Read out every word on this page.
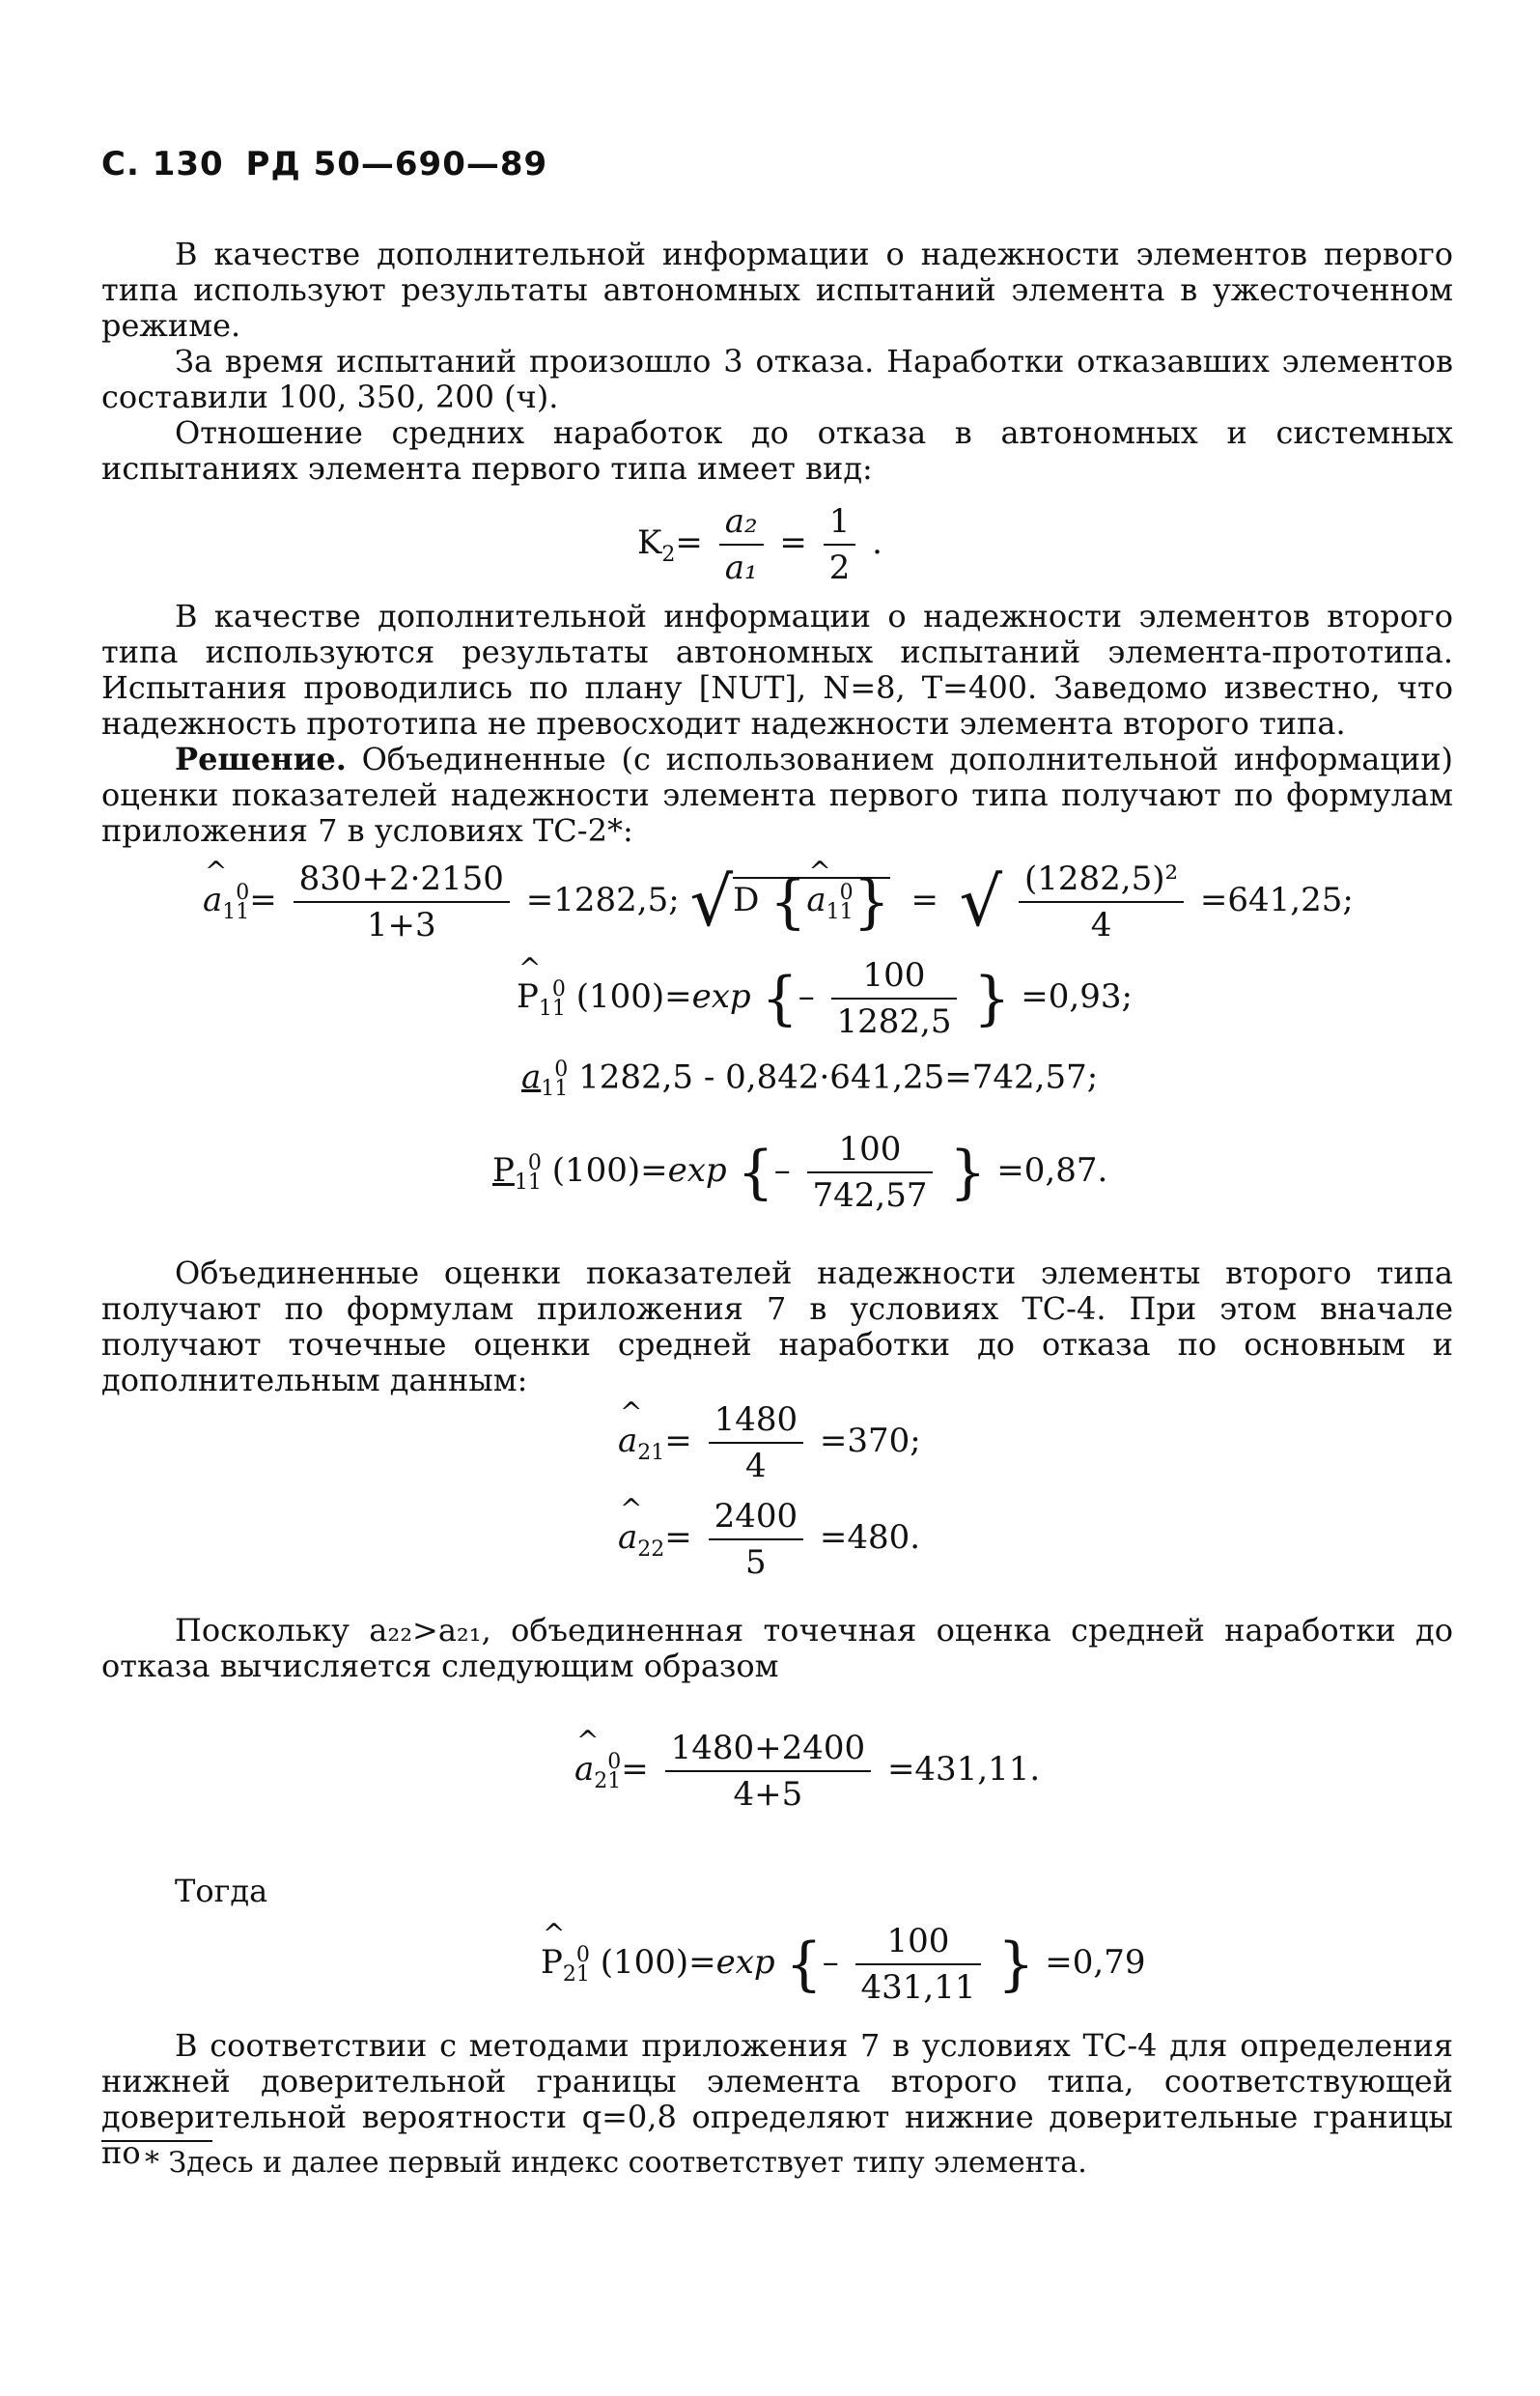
С. 130 РД 50—690—89

В качестве дополнительной информации о надежности элементов первого типа используют результаты автономных испытаний элемента в ужесточенном режиме.

За время испытаний произошло 3 отказа. Наработки отказавших элементов составили 100, 350, 200 (ч).

Отношение средних наработок до отказа в автономных и системных испытаниях элемента первого типа имеет вид:

$K_2= \frac{\text{a₂}}{\text{a₁}} = \frac{1}{2}$ .

В качестве дополнительной информации о надежности элементов второго типа используются результаты автономных испытаний элемента-прототипа. Испытания проводились по плану [NUT], N=8, T=400. Заведомо известно, что надежность прототипа не превосходит надежности элемента второго типа.

Решение. Объединенные (с использованием дополнительной информации) оценки показателей надежности элемента первого типа получают по формулам приложения 7 в условиях ТС-2*:

^ $a_{11}^0= \frac{830+2\cdot 2150}{1+3} =1282,5$; √D {^ $a_{11}^0$}  =  √ $\frac{\text{(1282,5)²}}{4} =641,25$;
^ $P_{11}^0$ (100)=exp {– $\frac{100}{1282,5}$ } =0,93;
$a_{11}^0$ 1282,5 - 0,842·641,25=742,57;
$P_{11}^0$ (100)=exp {– $\frac{100}{742,57}$ } =0,87.

Объединенные оценки показателей надежности элементы второго типа получают по формулам приложения 7 в условиях ТС-4. При этом вначале получают точечные оценки средней наработки до отказа по основным и дополнительным данным:

^ $a_{21}= \frac{1480}{4} =370$;
^ $a_{22}= \frac{2400}{5} =480$.

Поскольку a₂₂>a₂₁, объединенная точечная оценка средней наработки до отказа вычисляется следующим образом

^ $a_{21}^0= \frac{1480+2400}{4+5} =431,11$.

Тогда

^ $P_{21}^0$ (100)=exp {– $\frac{100}{431,11}$ } =0,79

В соответствии с методами приложения 7 в условиях ТС-4 для определения нижней доверительной границы элемента второго типа, соответствующей доверительной вероятности q=0,8 определяют нижние доверительные границы по * Здесь и далее первый индекс соответствует типу элемента.
